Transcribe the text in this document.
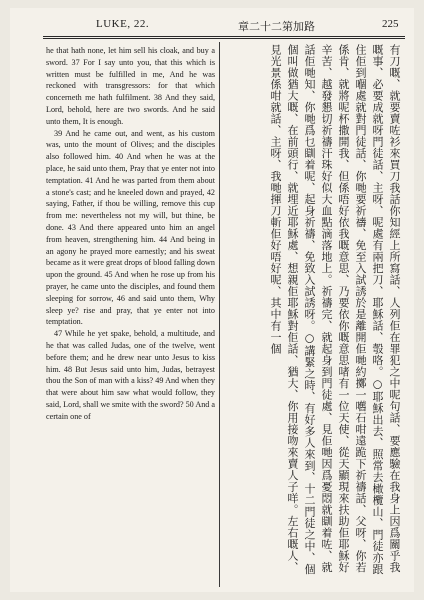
LUKE, 22.	章二十二第加路	225

he that hath none, let him sell his cloak, and buy a sword. 37 For I say unto you, that this which is written must be fulfilled in me, And he was reckoned with transgressors: for that which concerneth me hath fulfilment. 38 And they said, Lord, behold, here are two swords. And he said unto them, It is enough.

39 And he came out, and went, as his custom was, unto the mount of Olives; and the disciples also followed him. 40 And when he was at the place, he said unto them, Pray that ye enter not into temptation. 41 And he was parted from them about a stone's cast; and he kneeled down and prayed, 42 saying, Father, if thou be willing, remove this cup from me: nevertheless not my will, but thine, be done. 43 And there appeared unto him an angel from heaven, strengthening him. 44 And being in an agony he prayed more earnestly; and his sweat became as it were great drops of blood falling down upon the ground. 45 And when he rose up from his prayer, he came unto the disciples, and found them sleeping for sorrow, 46 and said unto them, Why sleep ye? rise and pray, that ye enter not into temptation.

47 While he yet spake, behold, a multitude, and he that was called Judas, one of the twelve, went before them; and he drew near unto Jesus to kiss him. 48 But Jesus said unto him, Judas, betrayest thou the Son of man with a kiss? 49 And when they that were about him saw what would follow, they said, Lord, shall we smite with the sword? 50 And a certain one of	有刀嘅、就要賣咗衫來買刀我話你知經上所寫話、人列佢在罪犯之中呢句話、要應驗在我身上因爲關乎我嘅事、必要成就呀門徒話、主呀、呢處有兩把刀、耶穌話、彀咯。○耶穌出去、照常去橄欖山、門徒亦跟住佢到嗰處就對門徒話、你哋要祈禱、免至入試誘於是離開佢哋約擲一嚿石咁遠跪下祈禱話、父呀、你若係肯、就將呢杯撒開我、但係唔好依我嘅意思、乃要依你嘅意思啫有一位天使、從天顯現來扶助佢耶穌好辛苦、越發懇切祈禱汗珠好似大血點滴落地上。祈禱完、就起身到門徒處、見佢哋因爲憂悶就瞓着咗、就話佢哋知、你哋爲乜瞓着呢、起身祈禱、免致入試誘呀。○講緊之時、有好多人來到、十二門徒之中、個個叫做猶大嘅、在前頭行、就埋近耶穌處、想親佢耶穌對佢話、猶大、你用接吻來賣人子咩。左右嘅人、見光景係咁就話、主呀、我哋揮刀斬佢好唔好呢、其中有一個
